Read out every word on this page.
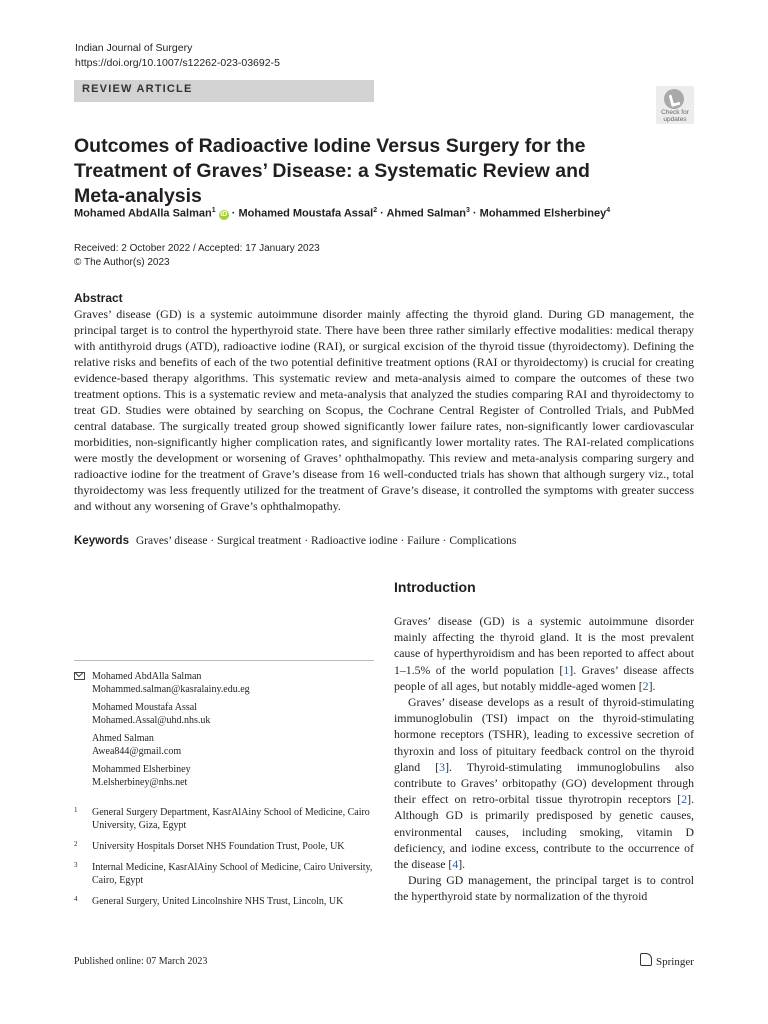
Indian Journal of Surgery
https://doi.org/10.1007/s12262-023-03692-5
REVIEW ARTICLE
Check for updates
Outcomes of Radioactive Iodine Versus Surgery for the Treatment of Graves’ Disease: a Systematic Review and Meta-analysis
Mohamed AbdAlla Salman$^1$ iD · Mohamed Moustafa Assal$^2$ · Ahmed Salman$^3$ · Mohammed Elsherbiney$^4$
Received: 2 October 2022 / Accepted: 17 January 2023
© The Author(s) 2023
Abstract
Graves’ disease (GD) is a systemic autoimmune disorder mainly affecting the thyroid gland. During GD management, the principal target is to control the hyperthyroid state. There have been three rather similarly effective modalities: medical therapy with antithyroid drugs (ATD), radioactive iodine (RAI), or surgical excision of the thyroid tissue (thyroidectomy). Defining the relative risks and benefits of each of the two potential definitive treatment options (RAI or thyroidectomy) is crucial for creating evidence-based therapy algorithms. This systematic review and meta-analysis aimed to compare the outcomes of these two treatment options. This is a systematic review and meta-analysis that analyzed the studies comparing RAI and thyroidectomy to treat GD. Studies were obtained by searching on Scopus, the Cochrane Central Register of Controlled Trials, and PubMed central database. The surgically treated group showed significantly lower failure rates, non-significantly lower cardiovascular morbidities, non-significantly higher complication rates, and significantly lower mortality rates. The RAI-related complications were mostly the development or worsening of Graves’ ophthalmopathy. This review and meta-analysis comparing surgery and radioactive iodine for the treatment of Grave’s disease from 16 well-conducted trials has shown that although surgery viz., total thyroidectomy was less frequently utilized for the treatment of Grave’s disease, it controlled the symptoms with greater success and without any worsening of Grave’s ophthalmopathy.
Keywords Graves’ disease · Surgical treatment · Radioactive iodine · Failure · Complications
Introduction

Graves’ disease (GD) is a systemic autoimmune disorder mainly affecting the thyroid gland. It is the most prevalent cause of hyperthyroidism and has been reported to affect about 1–1.5% of the world population [1]. Graves’ disease affects people of all ages, but notably middle-aged women [2].

Graves’ disease develops as a result of thyroid-stimulating immunoglobulin (TSI) impact on the thyroid-stimulating hormone receptors (TSHR), leading to excessive secretion of thyroxin and loss of pituitary feedback control on the thyroid gland [3]. Thyroid-stimulating immunoglobulins also contribute to Graves’ orbitopathy (GO) development through their effect on retro-orbital tissue thyrotropin receptors [2]. Although GD is primarily predisposed by genetic causes, environmental causes, including smoking, vitamin D deficiency, and iodine excess, contribute to the occurrence of the disease [4].

During GD management, the principal target is to control the hyperthyroid state by normalization of the thyroid

Mohamed AbdAlla Salman
Mohammed.salman@kasralainy.edu.eg
Mohamed Moustafa Assal
Mohamed.Assal@uhd.nhs.uk
Ahmed Salman
Awea844@gmail.com
Mohammed Elsherbiney
M.elsherbiney@nhs.net
1 General Surgery Department, KasrAlAiny School of Medicine, Cairo University, Giza, Egypt
2 University Hospitals Dorset NHS Foundation Trust, Poole, UK
3 Internal Medicine, KasrAlAiny School of Medicine, Cairo University, Cairo, Egypt
4 General Surgery, United Lincolnshire NHS Trust, Lincoln, UK
Published online: 07 March 2023	Springer
